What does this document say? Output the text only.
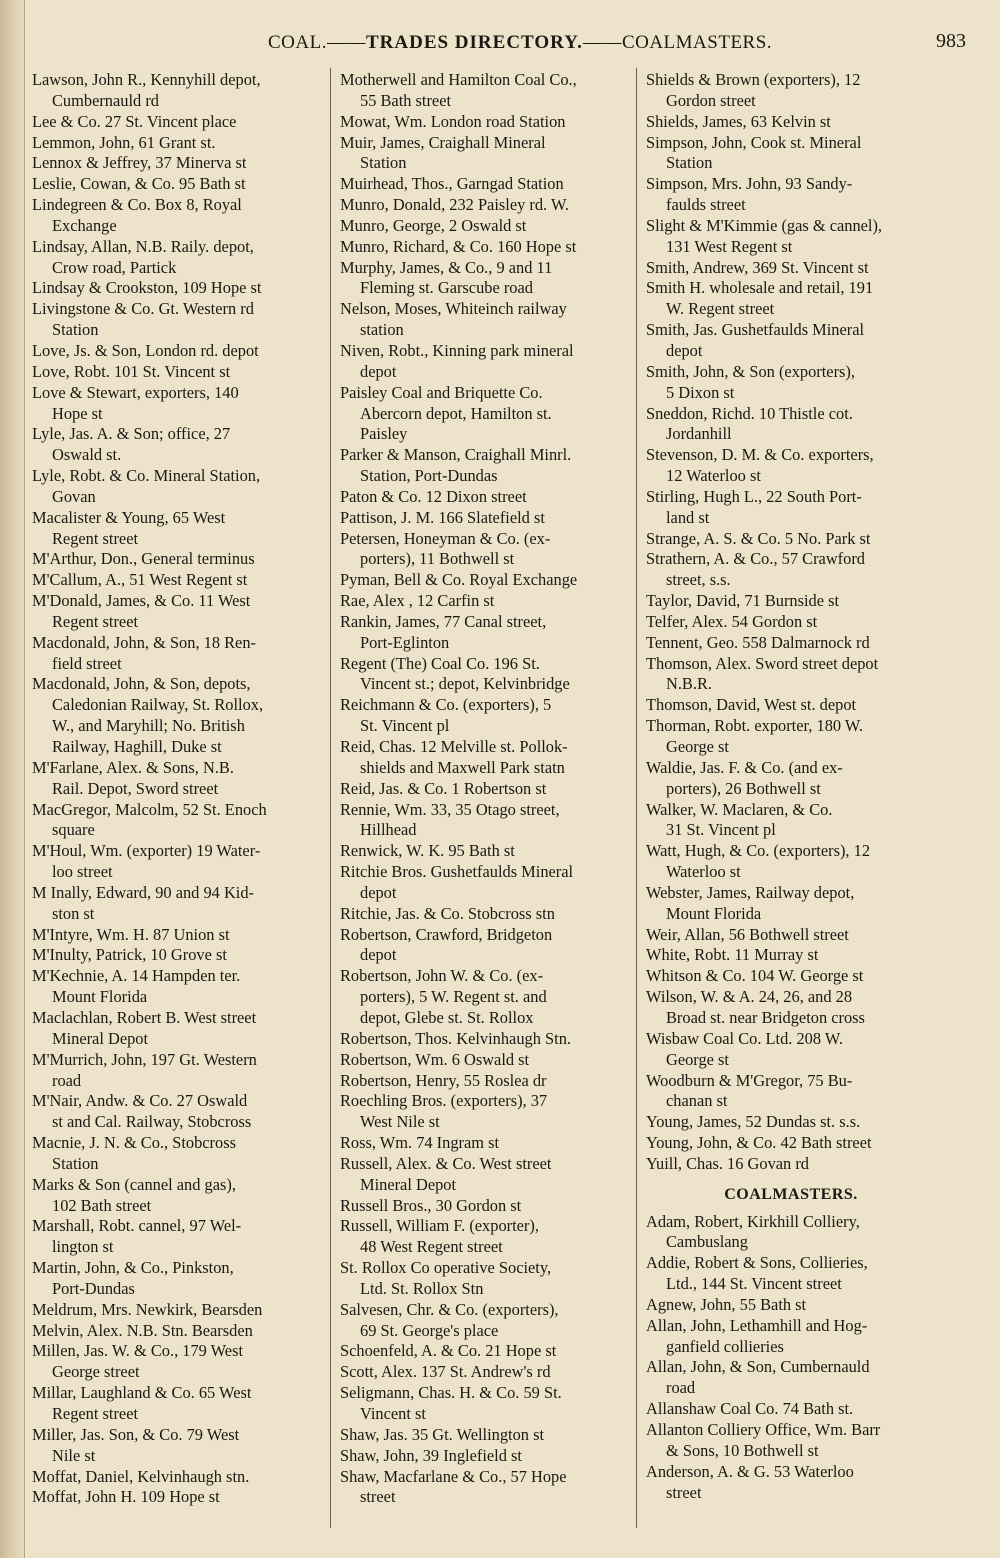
COAL.——TRADES DIRECTORY.——COALMASTERS.	983
Lawson, John R., Kennyhill depot,
Cumbernauld rd
Lee & Co. 27 St. Vincent place
Lemmon, John, 61 Grant st.
Lennox & Jeffrey, 37 Minerva st
Leslie, Cowan, & Co. 95 Bath st
Lindegreen & Co. Box 8, Royal
Exchange
Lindsay, Allan, N.B. Raily. depot,
Crow road, Partick
Lindsay & Crookston, 109 Hope st
Livingstone & Co. Gt. Western rd
Station
Love, Js. & Son, London rd. depot
Love, Robt. 101 St. Vincent st
Love & Stewart, exporters, 140
Hope st
Lyle, Jas. A. & Son; office, 27
Oswald st.
Lyle, Robt. & Co. Mineral Station,
Govan
Macalister & Young, 65 West
Regent street
M'Arthur, Don., General terminus
M'Callum, A., 51 West Regent st
M'Donald, James, & Co. 11 West
Regent street
Macdonald, John, & Son, 18 Ren-
field street
Macdonald, John, & Son, depots,
Caledonian Railway, St. Rollox,
W., and Maryhill; No. British
Railway, Haghill, Duke st
M'Farlane, Alex. & Sons, N.B.
Rail. Depot, Sword street
MacGregor, Malcolm, 52 St. Enoch
square
M'Houl, Wm. (exporter) 19 Water-
loo street
M Inally, Edward, 90 and 94 Kid-
ston st
M'Intyre, Wm. H. 87 Union st
M'Inulty, Patrick, 10 Grove st
M'Kechnie, A. 14 Hampden ter.
Mount Florida
Maclachlan, Robert B. West street
Mineral Depot
M'Murrich, John, 197 Gt. Western
road
M'Nair, Andw. & Co. 27 Oswald
st and Cal. Railway, Stobcross
Macnie, J. N. & Co., Stobcross
Station
Marks & Son (cannel and gas),
102 Bath street
Marshall, Robt. cannel, 97 Wel-
lington st
Martin, John, & Co., Pinkston,
Port-Dundas
Meldrum, Mrs. Newkirk, Bearsden
Melvin, Alex. N.B. Stn. Bearsden
Millen, Jas. W. & Co., 179 West
George street
Millar, Laughland & Co. 65 West
Regent street
Miller, Jas. Son, & Co. 79 West
Nile st
Moffat, Daniel, Kelvinhaugh stn.
Moffat, John H. 109 Hope st
Motherwell and Hamilton Coal Co.,
55 Bath street
Mowat, Wm. London road Station
Muir, James, Craighall Mineral
Station
Muirhead, Thos., Garngad Station
Munro, Donald, 232 Paisley rd. W.
Munro, George, 2 Oswald st
Munro, Richard, & Co. 160 Hope st
Murphy, James, & Co., 9 and 11
Fleming st. Garscube road
Nelson, Moses, Whiteinch railway
station
Niven, Robt., Kinning park mineral
depot
Paisley Coal and Briquette Co.
Abercorn depot, Hamilton st.
Paisley
Parker & Manson, Craighall Minrl.
Station, Port-Dundas
Paton & Co. 12 Dixon street
Pattison, J. M. 166 Slatefield st
Petersen, Honeyman & Co. (ex-
porters), 11 Bothwell st
Pyman, Bell & Co. Royal Exchange
Rae, Alex , 12 Carfin st
Rankin, James, 77 Canal street,
Port-Eglinton
Regent (The) Coal Co. 196 St.
Vincent st.; depot, Kelvinbridge
Reichmann & Co. (exporters), 5
St. Vincent pl
Reid, Chas. 12 Melville st. Pollok-
shields and Maxwell Park statn
Reid, Jas. & Co. 1 Robertson st
Rennie, Wm. 33, 35 Otago street,
Hillhead
Renwick, W. K. 95 Bath st
Ritchie Bros. Gushetfaulds Mineral
depot
Ritchie, Jas. & Co. Stobcross stn
Robertson, Crawford, Bridgeton
depot
Robertson, John W. & Co. (ex-
porters), 5 W. Regent st. and
depot, Glebe st. St. Rollox
Robertson, Thos. Kelvinhaugh Stn.
Robertson, Wm. 6 Oswald st
Robertson, Henry, 55 Roslea dr
Roechling Bros. (exporters), 37
West Nile st
Ross, Wm. 74 Ingram st
Russell, Alex. & Co. West street
Mineral Depot
Russell Bros., 30 Gordon st
Russell, William F. (exporter),
48 West Regent street
St. Rollox Co operative Society,
Ltd. St. Rollox Stn
Salvesen, Chr. & Co. (exporters),
69 St. George's place
Schoenfeld, A. & Co. 21 Hope st
Scott, Alex. 137 St. Andrew's rd
Seligmann, Chas. H. & Co. 59 St.
Vincent st
Shaw, Jas. 35 Gt. Wellington st
Shaw, John, 39 Inglefield st
Shaw, Macfarlane & Co., 57 Hope
street
Shields & Brown (exporters), 12
Gordon street
Shields, James, 63 Kelvin st
Simpson, John, Cook st. Mineral
Station
Simpson, Mrs. John, 93 Sandy-
faulds street
Slight & M'Kimmie (gas & cannel),
131 West Regent st
Smith, Andrew, 369 St. Vincent st
Smith H. wholesale and retail, 191
W. Regent street
Smith, Jas. Gushetfaulds Mineral
depot
Smith, John, & Son (exporters),
5 Dixon st
Sneddon, Richd. 10 Thistle cot.
Jordanhill
Stevenson, D. M. & Co. exporters,
12 Waterloo st
Stirling, Hugh L., 22 South Port-
land st
Strange, A. S. & Co. 5 No. Park st
Strathern, A. & Co., 57 Crawford
street, s.s.
Taylor, David, 71 Burnside st
Telfer, Alex. 54 Gordon st
Tennent, Geo. 558 Dalmarnock rd
Thomson, Alex. Sword street depot
N.B.R.
Thomson, David, West st. depot
Thorman, Robt. exporter, 180 W.
George st
Waldie, Jas. F. & Co. (and ex-
porters), 26 Bothwell st
Walker, W. Maclaren, & Co.
31 St. Vincent pl
Watt, Hugh, & Co. (exporters), 12
Waterloo st
Webster, James, Railway depot,
Mount Florida
Weir, Allan, 56 Bothwell street
White, Robt. 11 Murray st
Whitson & Co. 104 W. George st
Wilson, W. & A. 24, 26, and 28
Broad st. near Bridgeton cross
Wisbaw Coal Co. Ltd. 208 W.
George st
Woodburn & M'Gregor, 75 Bu-
chanan st
Young, James, 52 Dundas st. s.s.
Young, John, & Co. 42 Bath street
Yuill, Chas. 16 Govan rd
COALMASTERS.
Adam, Robert, Kirkhill Colliery,
Cambuslang
Addie, Robert & Sons, Collieries,
Ltd., 144 St. Vincent street
Agnew, John, 55 Bath st
Allan, John, Lethamhill and Hog-
ganfield collieries
Allan, John, & Son, Cumbernauld
road
Allanshaw Coal Co. 74 Bath st.
Allanton Colliery Office, Wm. Barr
& Sons, 10 Bothwell st
Anderson, A. & G. 53 Waterloo
street
